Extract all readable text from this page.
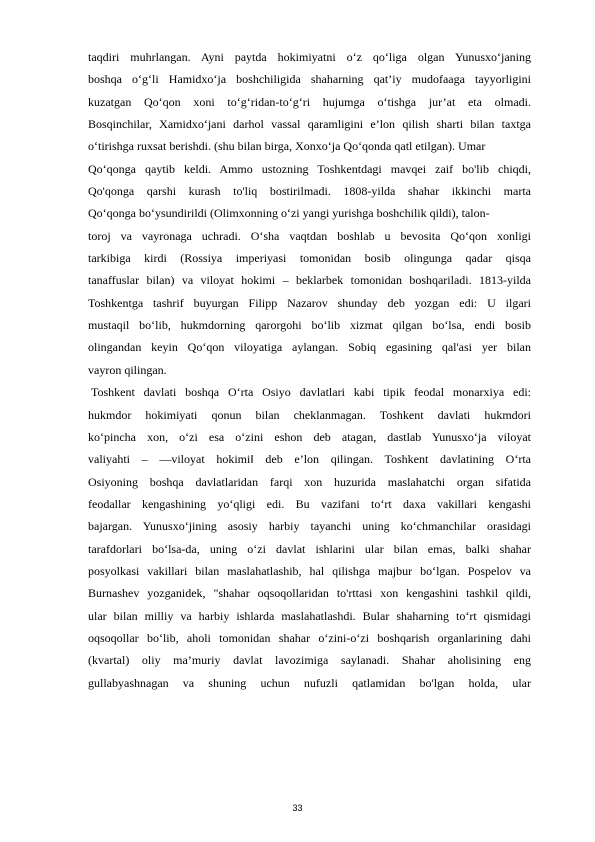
taqdiri muhrlangan. Ayni paytda hokimiyatni o‘z qo‘liga olgan Yunusxo‘janing
boshqa o‘g‘li Hamidxo‘ja boshchiligida shaharning qat’iy mudofaaga tayyorligini
kuzatgan Qo‘qon xoni to‘g‘ridan-to‘g‘ri hujumga o‘tishga jur’at eta olmadi.
Bosqinchilar, Xamidxo‘jani darhol vassal qaramligini e’lon qilish sharti bilan taxtga
o‘tirishga ruxsat berishdi. (shu bilan birga, Xonxo‘ja Qo‘qonda qatl etilgan). Umar
Qo‘qonga qaytib keldi. Ammo ustozning Toshkentdagi mavqei zaif bo'lib chiqdi,
Qo'qonga qarshi kurash to'liq bostirilmadi. 1808-yilda shahar ikkinchi marta
Qo‘qonga bo‘ysundirildi (Olimxonning o‘zi yangi yurishga boshchilik qildi), talon-
toroj va vayronaga uchradi. O‘sha vaqtdan boshlab u bevosita Qo‘qon xonligi
tarkibiga kirdi (Rossiya imperiyasi tomonidan bosib olingunga qadar qisqa
tanaffuslar bilan) va viloyat hokimi – beklarbek tomonidan boshqariladi. 1813-yilda
Toshkentga tashrif buyurgan Filipp Nazarov shunday deb yozgan edi: U ilgari
mustaqil bo‘lib, hukmdorning qarorgohi bo‘lib xizmat qilgan bo‘lsa, endi bosib
olingandan keyin Qo‘qon viloyatiga aylangan. Sobiq egasining qal'asi yer bilan
vayron qilingan.
Toshkent davlati boshqa O‘rta Osiyo davlatlari kabi tipik feodal monarxiya edi:
hukmdor hokimiyati qonun bilan cheklanmagan. Toshkent davlati hukmdori
ko‘pincha xon, o‘zi esa o‘zini eshon deb atagan, dastlab Yunusxo‘ja viloyat
valiyahti – ―viloyat hokimi‖ deb e’lon qilingan. Toshkent davlatining O‘rta
Osiyoning boshqa davlatlaridan farqi xon huzurida maslahatchi organ sifatida
feodallar kengashining yo‘qligi edi. Bu vazifani to‘rt daxa vakillari kengashi
bajargan. Yunusxo‘jining asosiy harbiy tayanchi uning ko‘chmanchilar orasidagi
tarafdorlari bo‘lsa-da, uning o‘zi davlat ishlarini ular bilan emas, balki shahar
posyolkasi vakillari bilan maslahatlashib, hal qilishga majbur bo‘lgan. Pospelov va
Burnashev yozganidek, "shahar oqsoqollaridan to'rttasi xon kengashini tashkil qildi,
ular bilan milliy va harbiy ishlarda maslahatlashdi. Bular shaharning to‘rt qismidagi
oqsoqollar bo‘lib, aholi tomonidan shahar o‘zini-o‘zi boshqarish organlarining dahi
(kvartal) oliy ma’muriy davlat lavozimiga saylanadi. Shahar aholisining eng
gullabyashnagan va shuning uchun nufuzli qatlamidan bo'lgan holda, ular
33
